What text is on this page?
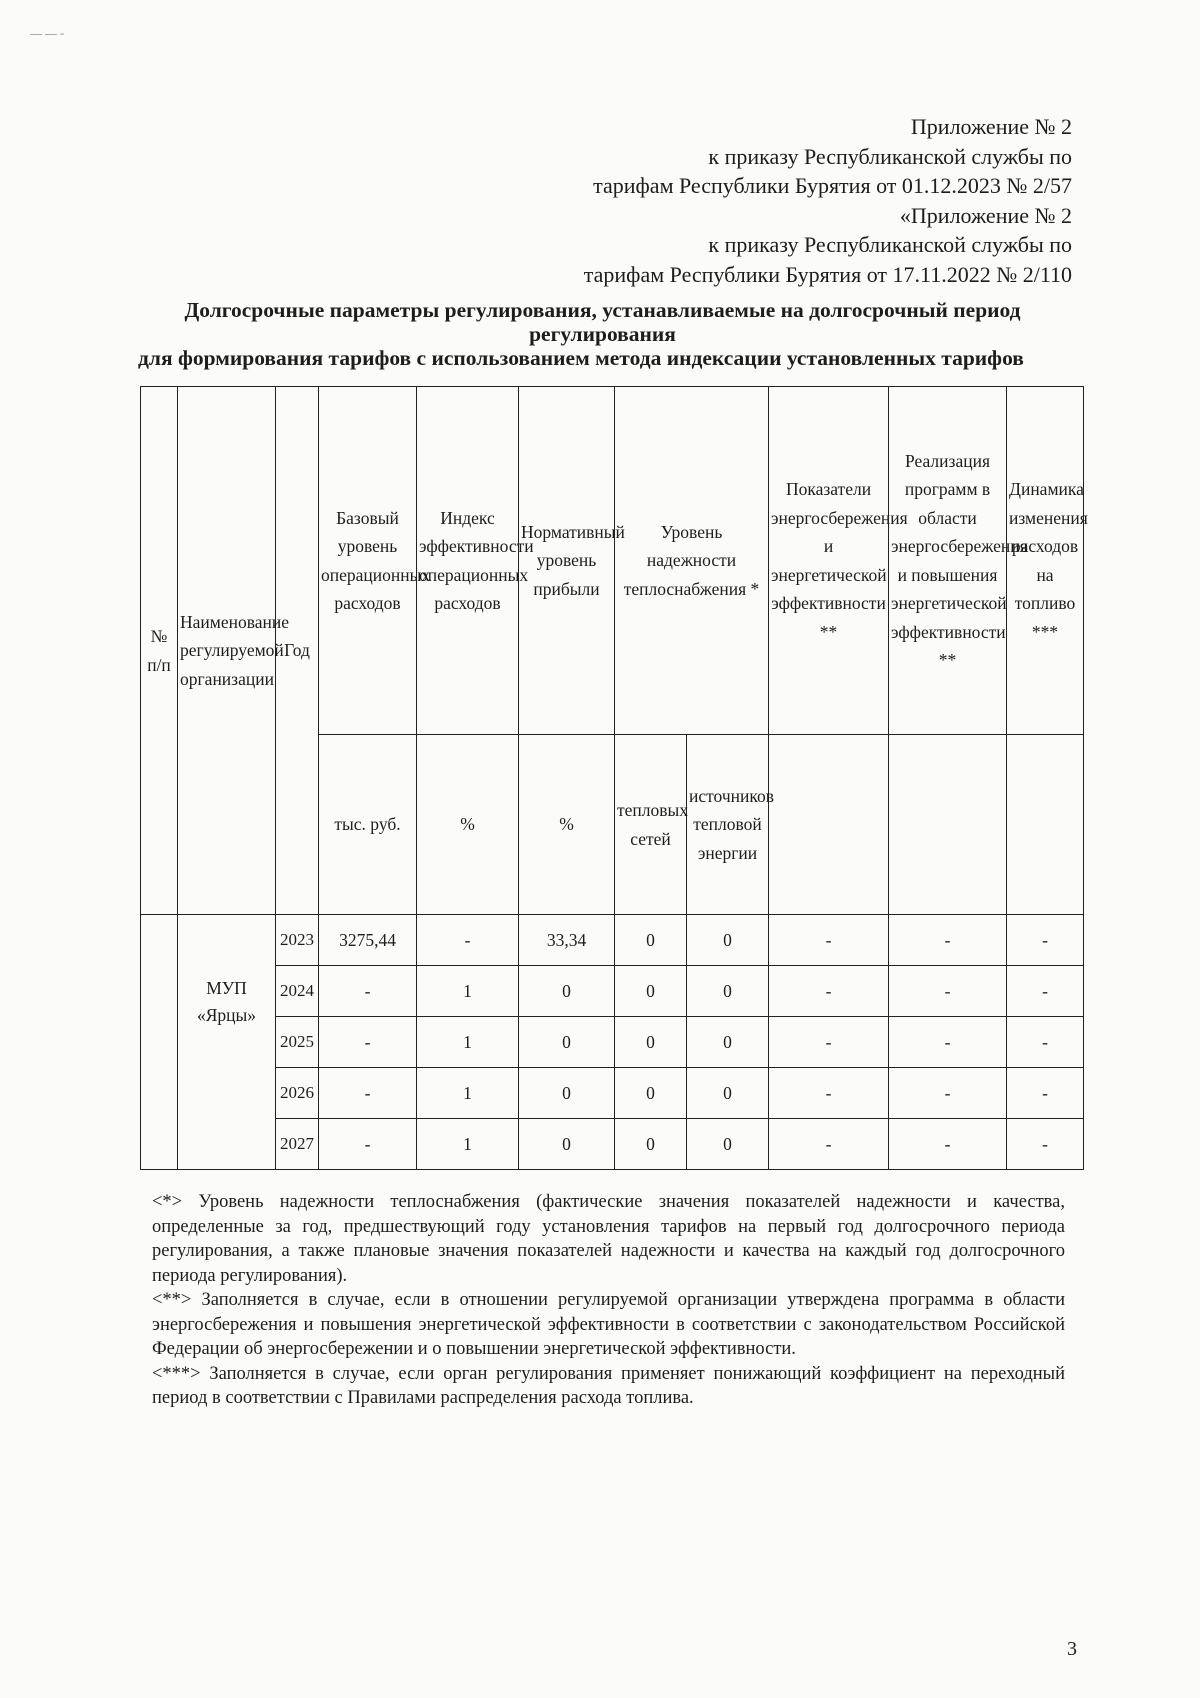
— — -
Приложение № 2
к приказу Республиканской службы по
тарифам Республики Бурятия от 01.12.2023 № 2/57
«Приложение № 2
к приказу Республиканской службы по
тарифам Республики Бурятия от 17.11.2022 № 2/110
Долгосрочные параметры регулирования, устанавливаемые на долгосрочный период
регулирования
для формирования тарифов с использованием метода индексации установленных тарифов
№ п/п	Наименование регулируемой организации	Год	Базовый уровень операционных расходов	Индекс эффективности операционных расходов	Нормативный уровень прибыли	Уровень надежности теплоснабжения *		Показатели энергосбережения и энергетической эффективности **	Реализация программ в области энергосбережения и повышения энергетической эффективности **	Динамика изменения расходов на топливо ***
			тыс. руб.	%	%	тепловых сетей	источников тепловой энергии			
	МУП «Ярцы»	2023	3275,44	-	33,34	0	0	-	-	-
		2024	-	1	0	0	0	-	-	-
		2025	-	1	0	0	0	-	-	-
		2026	-	1	0	0	0	-	-	-
		2027	-	1	0	0	0	-	-	-

<*> Уровень надежности теплоснабжения (фактические значения показателей надежности и качества, определенные за год, предшествующий году установления тарифов на первый год долгосрочного периода регулирования, а также плановые значения показателей надежности и качества на каждый год долгосрочного периода регулирования).

<**> Заполняется в случае, если в отношении регулируемой организации утверждена программа в области энергосбережения и повышения энергетической эффективности в соответствии с законодательством Российской Федерации об энергосбережении и о повышении энергетической эффективности.

<***> Заполняется в случае, если орган регулирования применяет понижающий коэффициент на переходный период в соответствии с Правилами распределения расхода топлива.

3
